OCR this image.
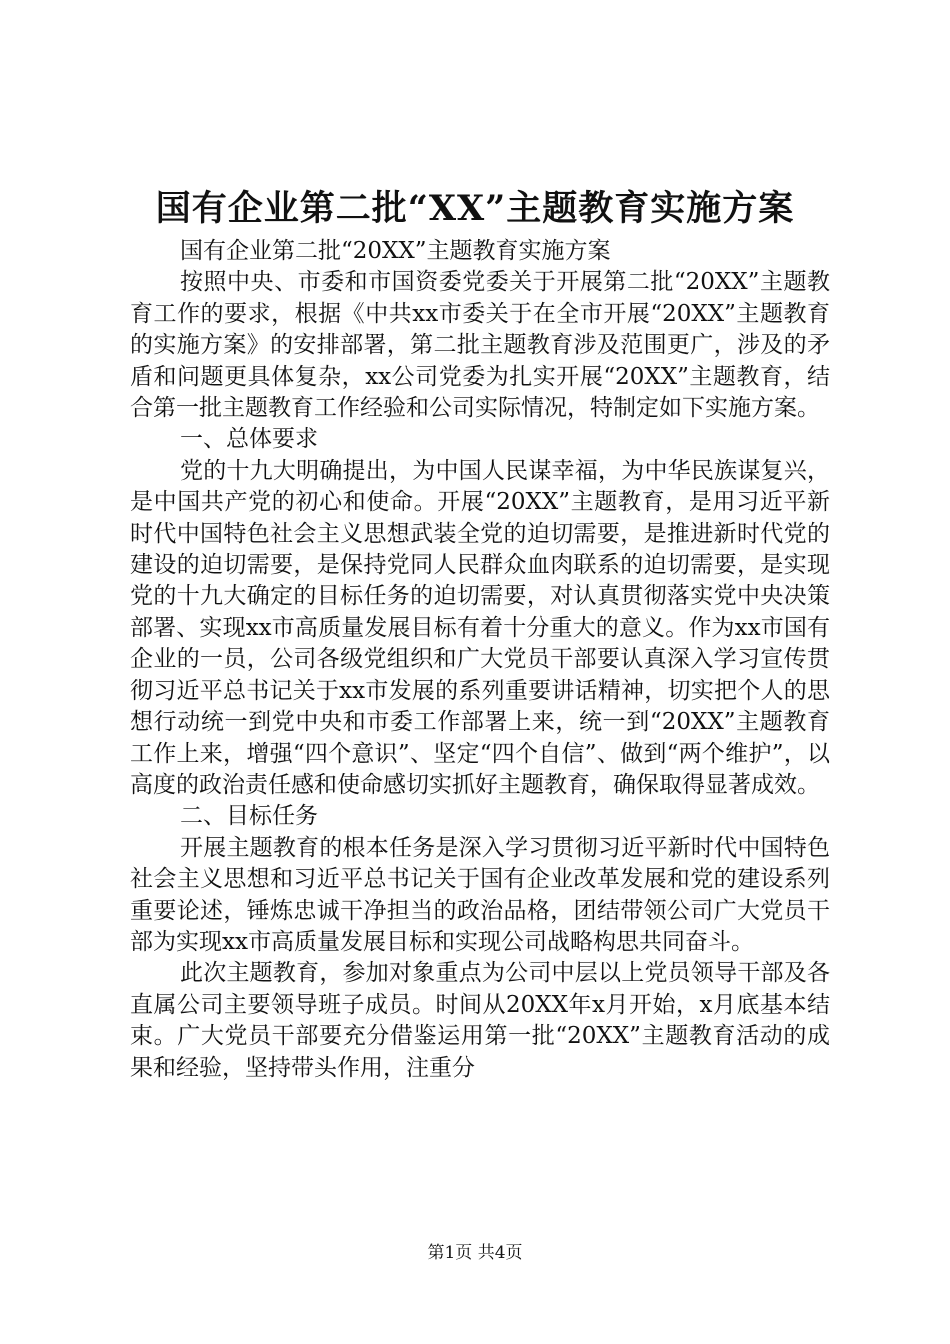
国有企业第二批“XX”主题教育实施方案

国有企业第二批“20XX”主题教育实施方案

按照中央、市委和市国资委党委关于开展第二批“20XX”主题教育工作的要求，根据《中共xx市委关于在全市开展“20XX”主题教育的实施方案》的安排部署，第二批主题教育涉及范围更广，涉及的矛盾和问题更具体复杂，xx公司党委为扎实开展“20XX”主题教育，结合第一批主题教育工作经验和公司实际情况，特制定如下实施方案。

一、总体要求

党的十九大明确提出，为中国人民谋幸福，为中华民族谋复兴，是中国共产党的初心和使命。开展“20XX”主题教育，是用习近平新时代中国特色社会主义思想武装全党的迫切需要，是推进新时代党的建设的迫切需要，是保持党同人民群众血肉联系的迫切需要，是实现党的十九大确定的目标任务的迫切需要，对认真贯彻落实党中央决策部署、实现xx市高质量发展目标有着十分重大的意义。作为xx市国有企业的一员，公司各级党组织和广大党员干部要认真深入学习宣传贯彻习近平总书记关于xx市发展的系列重要讲话精神，切实把个人的思想行动统一到党中央和市委工作部署上来，统一到“20XX”主题教育工作上来，增强“四个意识”、坚定“四个自信”、做到“两个维护”，以高度的政治责任感和使命感切实抓好主题教育，确保取得显著成效。

二、目标任务

开展主题教育的根本任务是深入学习贯彻习近平新时代中国特色社会主义思想和习近平总书记关于国有企业改革发展和党的建设系列重要论述，锤炼忠诚干净担当的政治品格，团结带领公司广大党员干部为实现xx市高质量发展目标和实现公司战略构思共同奋斗。

此次主题教育，参加对象重点为公司中层以上党员领导干部及各直属公司主要领导班子成员。时间从20XX年x月开始，x月底基本结束。广大党员干部要充分借鉴运用第一批“20XX”主题教育活动的成果和经验，坚持带头作用，注重分

第1页 共4页
